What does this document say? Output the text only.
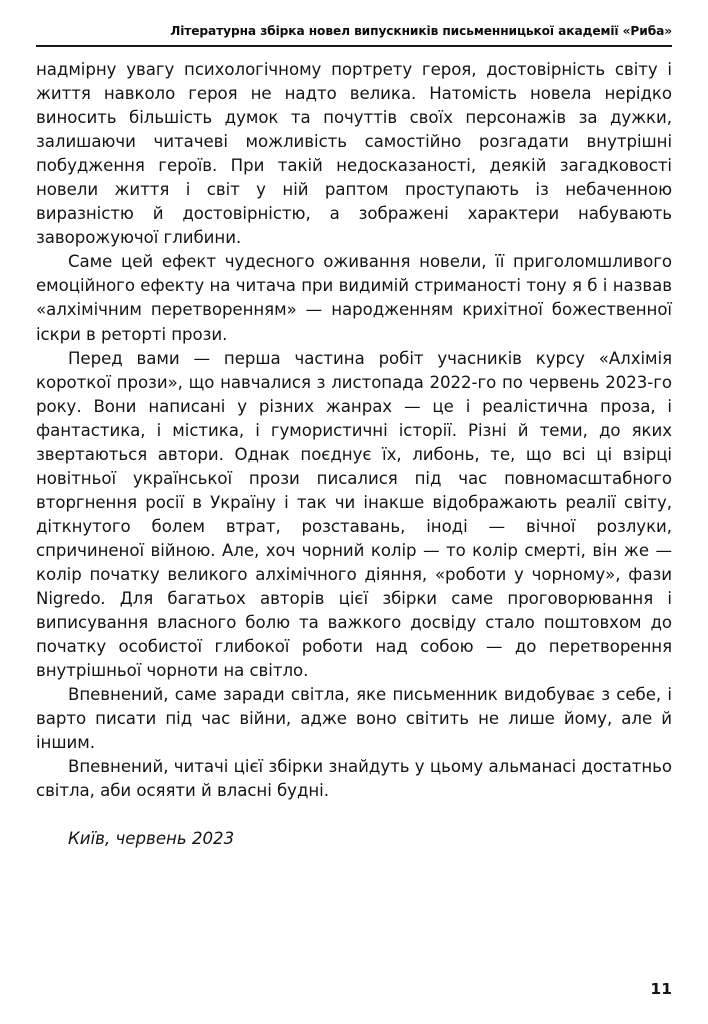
Літературна збірка новел випускників письменницької академії «Риба»

надмірну увагу психологічному портрету героя, достовірність світу і життя навколо героя не надто велика. Натомість новела нерідко виносить більшість думок та почуттів своїх персонажів за дужки, залишаючи читачеві можливість самостійно розгадати внутрішні побудження героїв. При такій недосказаності, деякій загадковості новели життя і світ у ній раптом проступають із небаченною виразністю й достовірністю, а зображені характери набувають заворожуючої глибини.

Саме цей ефект чудесного оживання новели, її приголомшливого емоційного ефекту на читача при видимій стриманості тону я б і назвав «алхімічним перетворенням» — народженням крихітної божественної іскри в реторті прози.

Перед вами — перша частина робіт учасників курсу «Алхімія короткої прози», що навчалися з листопада 2022-го по червень 2023-го року. Вони написані у різних жанрах — це і реалістична проза, і фантастика, і містика, і гумористичні історії. Різні й теми, до яких звертаються автори. Однак поєднує їх, либонь, те, що всі ці взірці новітньої української прози писалися під час повномасштабного вторгнення росії в Україну і так чи інакше відображають реалії світу, діткнутого болем втрат, розставань, іноді — вічної розлуки, спричиненої війною. Але, хоч чорний колір — то колір смерті, він же — колір початку великого алхімічного діяння, «роботи у чорному», фази Nigredo. Для багатьох авторів цієї збірки саме проговорювання і виписування власного болю та важкого досвіду стало поштовхом до початку особистої глибокої роботи над собою — до перетворення внутрішньої чорноти на світло.

Впевнений, саме заради світла, яке письменник видобуває з себе, і варто писати під час війни, адже воно світить не лише йому, але й іншим.

Впевнений, читачі цієї збірки знайдуть у цьому альманасі достатньо світла, аби осяяти й власні будні.

Київ, червень 2023

11
